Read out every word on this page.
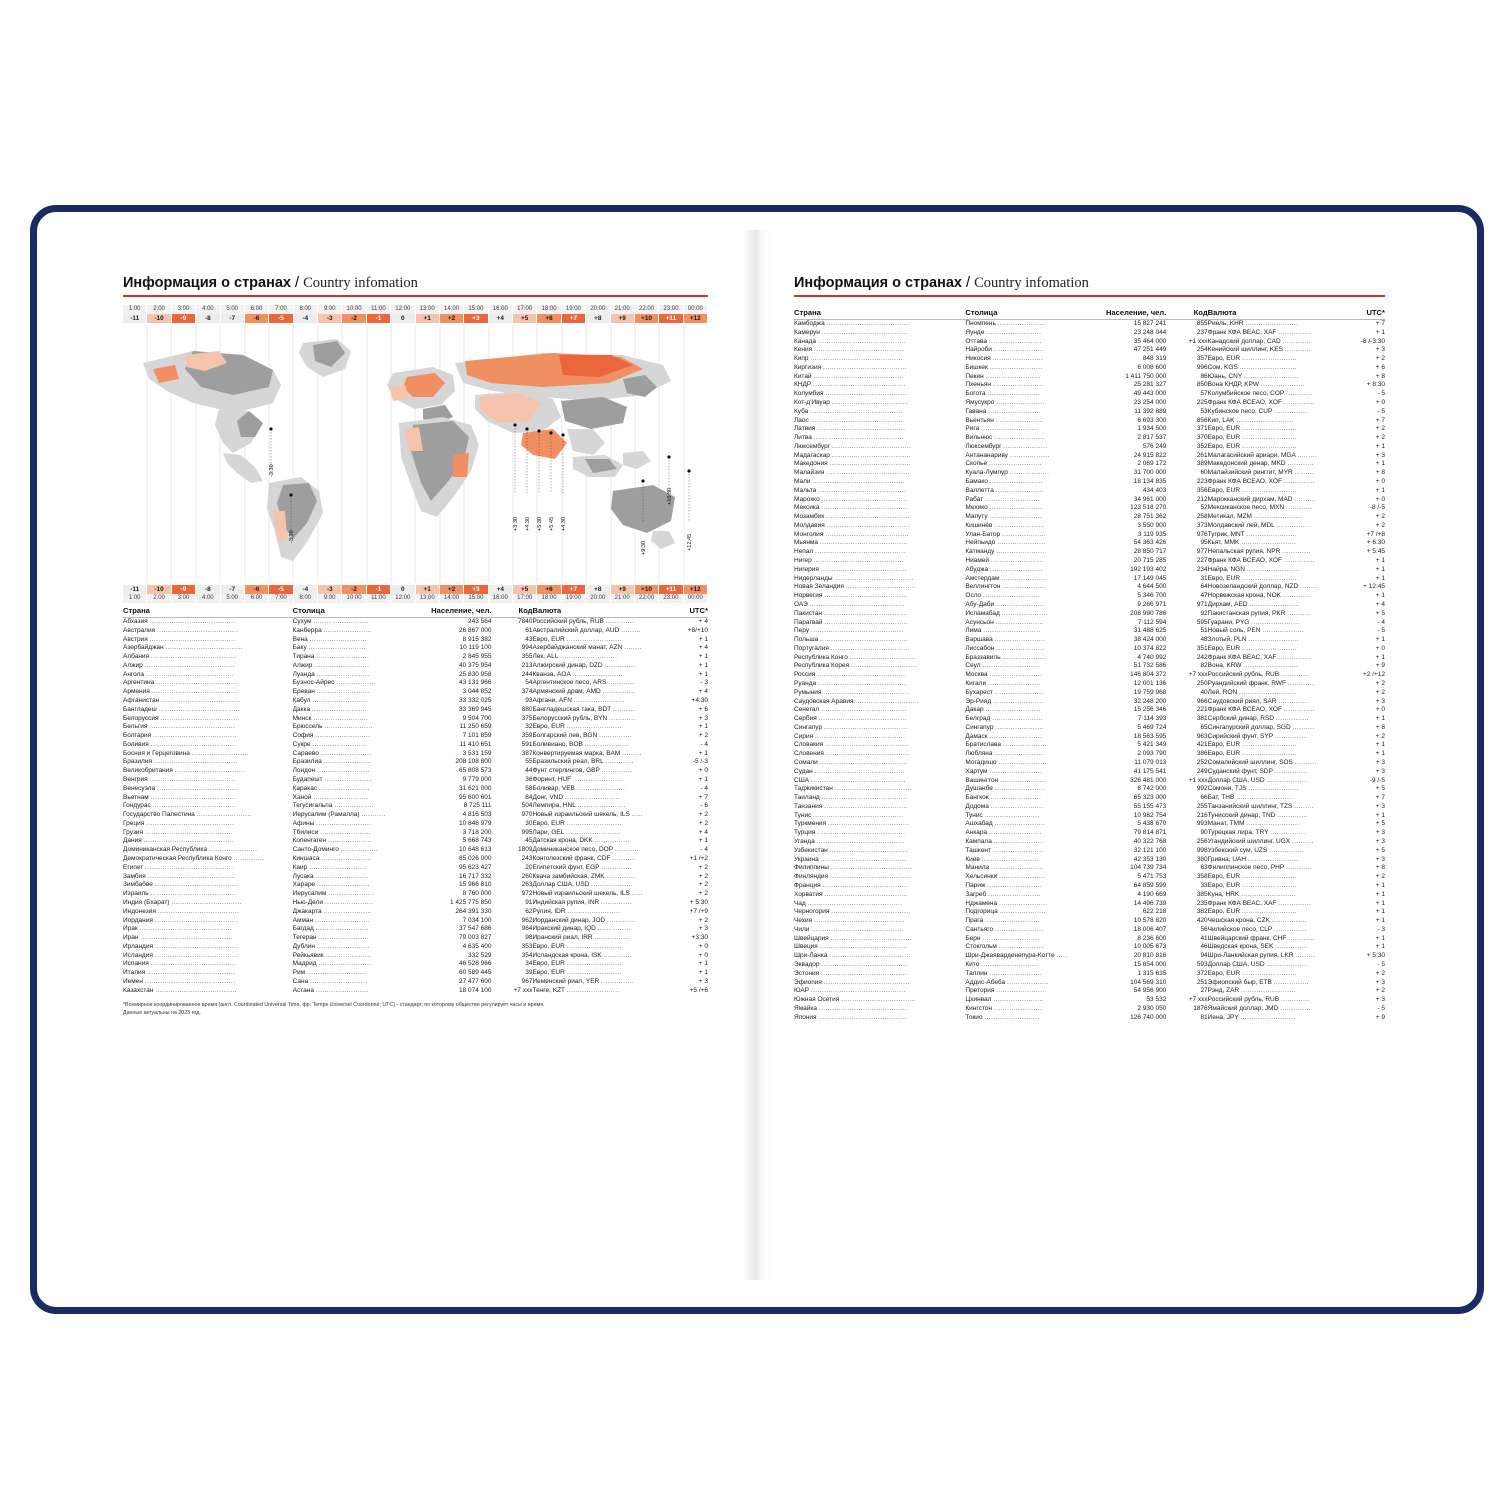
Информация о странах / Country infomation
1:00	2:00	3:00	4:00	5:00	6:00	7:00	8:00	9:00	10:00	11:00	12:00	13:00	14:00	15:00	16:00	17:00	18:00	19:00	20:00	21:00	22:00	23:00	00:00
-11	-10	-9	-8	-7	-6	-5	-4	-3	-2	-1	0	+1	+2	+3	+4	+5	+6	+7	+8	+9	+10	+11	+12
-3:30
-3:30
+3:30 +4:30 +5:30 +5:45 +4:30
+9:30
+10:30
+12:45
-11	-10	-9	-8	-7	-6	-5	-4	-3	-2	-1	0	+1	+2	+3	+4	+5	+6	+7	+8	+9	+10	+11	+12
1:00	2:00	3:00	4:00	5:00	6:00	7:00	8:00	9:00	10:00	11:00	12:00	13:00	14:00	15:00	16:00	17:00	18:00	19:00	20:00	21:00	22:00	23:00	00:00
Страна	Столица	Население, чел.	Код	Валюта	UTC*
Абхазия .......................................	Сухум .........................	243 564	7840	Российский рубль, RUB .............	+ 4
Австралия .....................................	Канберра ......................	26 867 000	61	Австралийский доллар, AUD .........	+8/+10
Австрия .......................................	Вена ..........................	8 915 382	43	Евро, EUR .........................	+ 1
Азербайджан ...................................	Баку ..........................	10 119 100	994	Азербайджанский манат, AZN ........	+ 4
Албания .......................................	Тирана ........................	2 845 955	355	Лек, ALL ..........................	+ 1
Алжир .........................................	Алжир .........................	40 375 954	213	Алжирский динар, DZD ..............	+ 1
Ангола ........................................	Луанда ........................	25 830 958	244	Кванза, AOA .......................	+ 1
Аргентина .....................................	Буэнос-Айрес ..................	43 131 966	54	Аргентинское песо, ARS ............	- 3
Армения .......................................	Ереван ........................	3 044 852	374	Армянский драм, AMD ...............	+ 4
Афганистан ....................................	Кабул .........................	33 332 025	93	Афгани, AFN .......................	+4:30
Бангладеш .....................................	Дакка .........................	33 369 945	880	Бангладешская така, BDT ...........	+ 6
Белоруссия ....................................	Минск .........................	9 504 700	375	Белорусский рубль, BYN ............	+ 3
Бельгия .......................................	Брюссель ......................	11 250 659	32	Евро, EUR .........................	+ 1
Болгария ......................................	София .........................	7 101 859	359	Болгарский лев, BGN ...............	+ 2
Боливия .......................................	Сукре .........................	11 410 651	591	Боливиано, BOB ....................	- 4
Босния и Герцеговина ..........................	Сараево .......................	3 531 159	387	Конвертируемая марка, BAM .........	+ 1
Бразилия ......................................	Бразилиа ......................	208 108 800	55	Бразильский реал, BRL .............	-5 /-3
Великобритания ................................	Лондон ........................	65 808 573	44	Фунт стерлингов, GBP ..............	+ 0
Венгрия .......................................	Будапешт ......................	9 779 000	36	Форинт, HUF .......................	+ 1
Венесуэла .....................................	Каракас .......................	31 621 000	58	Боливар, VEB ......................	- 4
Вьетнам .......................................	Ханой .........................	95 600 601	84	Донг, VND .........................	+ 7
Гондурас ......................................	Тегусигальпа ..................	8 725 111	504	Лемпира, HNL ......................	- 6
Государство Палестина .........................	Иерусалим (Рамалла) ...........	4 816 503	970	Новый израильский шекель, ILS .....	+ 2
Греция ........................................	Афины .........................	10 846 979	30	Евро, EUR .........................	+ 2
Грузия ........................................	Тбилиси .......................	3 718 200	995	Лари, GEL .........................	+ 4
Дания .........................................	Копенгаген ....................	5 668 743	45	Датская крона, DKK ................	+ 1
Доминиканская Республика ......................	Санто-Доминго .................	10 648 613	1809	Доминиканское песо, DOP ...........	- 4
Демократическая Республика Конго ..............	Киншаса .......................	85 026 000	243	Конголезский франк, CDF ...........	+1 /+2
Египет ........................................	Каир ..........................	95 623 427	20	Египетский фунт, EGP ..............	+ 2
Замбия ........................................	Лусака ........................	16 717 332	260	Квача замбийская, ZMK .............	+ 2
Зимбабве ......................................	Хараре ........................	15 966 810	263	Доллар США, USD ...................	+ 2
Израиль .......................................	Иерусалим .....................	8 760 000	972	Новый израильский шекель, ILS .....	+ 2
Индия (Бхарат) ................................	Нью-Дели ......................	1 425 775 850	91	Индийская рупия, INR ..............	+ 5:30
Индонезия .....................................	Джакарта ......................	264 391 330	62	Рупия, IDR ........................	+7 /+9
Иордания ......................................	Амман .........................	7 034 100	962	Иорданский динар, JOD .............	+ 2
Ирак ..........................................	Багдад ........................	37 547 686	964	Иракский динар, IQD ...............	+ 3
Иран ..........................................	Тегеран .......................	79 003 827	98	Иранский риал, IRR ................	+3:30
Ирландия ......................................	Дублин ........................	4 635 400	353	Евро, EUR .........................	+ 0
Исландия ......................................	Рейкьявик .....................	332 529	354	Исландская крона, ISK .............	+ 0
Испания .......................................	Мадрид ........................	46 528 966	34	Евро, EUR .........................	+ 1
Италия ........................................	Рим ...........................	60 589 445	39	Евро, EUR .........................	+ 1
Йемен .........................................	Сана ..........................	27 477 600	967	Йеменский риал, YER ...............	+ 3
Казахстан .....................................	Астана ........................	18 074 100	+7 xxx	Тенге, KZT ........................	+5 /+6
*Всемирное координированное время (англ. Coordinated Universal Time, фр. Temps Universel Coordonné; UTC) - стандарт, по которому общество регулирует часы и время.
Данные актуальны на 2023 год.
Информация о странах / Country infomation
Страна	Столица	Население, чел.	Код	Валюта	UTC*
Камбоджа ......................................	Пномпень ......................	15 827 241	855	Риель, KHR ........................	+ 7
Камерун .......................................	Яунде .........................	23 248 044	237	Франк КФА ВЕАС, XAF ...............	+ 1
Канада ........................................	Оттава ........................	35 464 000	+1 xxx	Канадский доллар, CAD .............	-8 /-3:30
Кения .........................................	Найроби .......................	47 251 449	254	Кенийский шиллинг, KES ............	+ 3
Кипр ..........................................	Никосия .......................	848 319	357	Евро, EUR .........................	+ 2
Киргизия ......................................	Бишкек ........................	6 008 600	996	Сом, KGS ..........................	+ 6
Китай .........................................	Пекин .........................	1 411 750 000	86	Юань, CNY .........................	+ 8
КНДР ..........................................	Пхеньян .......................	25 281 327	850	Вона КНДР, KPW ....................	+ 8:30
Колумбия ......................................	Богота ........................	49 443 000	57	Колумбийское песо, COP ............	- 5
Кот-д'Ивуар ...................................	Ямусукро ......................	23 254 000	225	Франк КФА ВСЕАО, XOF ..............	+ 0
Куба ..........................................	Гавана ........................	11 392 889	53	Кубинское песо, CUP ...............	- 5
Лаос ..........................................	Вьентьян ......................	6 693 300	856	Кип, LAK ..........................	+ 7
Латвия ........................................	Рига ..........................	1 934 500	371	Евро, EUR .........................	+ 2
Литва .........................................	Вильнюс .......................	2 817 537	370	Евро, EUR .........................	+ 2
Люксембург ....................................	Люксембург ....................	576 249	352	Евро, EUR .........................	+ 1
Мадагаскар ....................................	Антананариву ..................	24 915 822	261	Малагасийский ариари, MGA .........	+ 3
Македония .....................................	Скопье ........................	2 069 172	389	Македонский денар, MKD ............	+ 1
Малайзия ......................................	Куала-Лумпур ..................	31 700 000	60	Малайзийский ринггит, MYR .........	+ 8
Мали ..........................................	Бамако ........................	18 134 835	223	Франк КФА ВСЕАО, XOF ..............	+ 0
Мальта ........................................	Валлетта ......................	434 403	356	Евро, EUR .........................	+ 1
Марокко .......................................	Рабат .........................	34 961 000	212	Марокканский дирхам, MAD ..........	+ 0
Мексика .......................................	Мехико ........................	123 518 270	52	Мексиканское песо, MXN ............	-8 /-5
Мозамбик ......................................	Мапуту ........................	28 751 362	258	Метикал, MZM ......................	+ 2
Молдавия ......................................	Кишинёв .......................	3 550 900	373	Молдавский лей, MDL ...............	+ 2
Монголия ......................................	Улан-Батор ....................	3 119 935	976	Тугрик, MNT .......................	+7 /+8
Мьянма ........................................	Нейпьидо ......................	54 363 426	95	Кьят, MMK .........................	+ 6:30
Непал .........................................	Катманду ......................	28 850 717	977	Непальская рупия, NPR .............	+ 5:45
Нигер .........................................	Ниамей ........................	20 715 285	227	Франк КФА ВСЕАО, XOF ..............	+ 1
Нигерия .......................................	Абуджа ........................	192 193 402	234	Найра, NGN ........................	+ 1
Нидерланды ....................................	Амстердам .....................	17 149 045	31	Евро, EUR .........................	+ 1
Новая Зеландия ................................	Веллингтон ....................	4 644 500	64	Новозеландский доллар, NZD ........	+ 12:45
Норвегия ......................................	Осло ..........................	5 346 700	47	Норвежская крона, NOK .............	+ 1
ОАЭ ...........................................	Абу-Даби ......................	9 266 971	971	Дирхам, AED .......................	+ 4
Пакистан ......................................	Исламабад .....................	208 990 786	92	Пакистанская рупия, PKR ...........	+ 5
Парагвай ......................................	Асунсьон ......................	7 112 594	595	Гуарани, PYG ......................	- 4
Перу ..........................................	Лима ..........................	31 488 625	51	Новый соль, PEN ...................	- 5
Польша ........................................	Варшава .......................	38 424 000	48	Злотый, PLN .......................	+ 1
Португалия ....................................	Лиссабон ......................	10 374 822	351	Евро, EUR .........................	+ 0
Республика Конго ..............................	Браззавиль ....................	4 740 992	242	Франк КФА ВЕАС, XAF ...............	+ 1
Республика Корея ..............................	Сеул ..........................	51 732 586	82	Вона, KRW .........................	+ 9
Россия ........................................	Москва ........................	146 804 372	+7 xxx	Российский рубль, RUB .............	+2 /+12
Руанда ........................................	Кигали ........................	12 001 136	250	Руандийский франк, RWF ............	+ 2
Румыния .......................................	Бухарест ......................	19 759 968	40	Лей, RON ..........................	+ 2
Саудовская Аравия .............................	Эр-Рияд .......................	32 248 200	966	Саудовский риял, SAR ..............	+ 3
Сенегал .......................................	Дакар .........................	15 256 346	221	Франк КФА ВСЕАО, XOF ..............	+ 0
Сербия ........................................	Белград .......................	7 114 393	381	Сербский динар, RSD ...............	+ 1
Сингапур ......................................	Сингапур ......................	5 469 724	65	Сингапурский доллар, SGD ..........	+ 8
Сирия .........................................	Дамаск ........................	18 563 595	963	Сирийский фунт, SYP ...............	+ 2
Словакия ......................................	Братислава ....................	5 421 349	421	Евро, EUR .........................	+ 1
Словения ......................................	Любляна .......................	2 093 790	386	Евро, EUR .........................	+ 1
Сомали ........................................	Могадишо ......................	11 079 013	252	Сомалийский шиллинг, SOS ..........	+ 3
Судан .........................................	Хартум ........................	41 175 541	249	Суданский фунт, SDP ...............	+ 3
США ...........................................	Вашингтон .....................	326 481 000	+1 xxx	Доллар США, USD ...................	-9 /-5
Таджикистан ...................................	Душанбе .......................	8 742 000	992	Сомони, TJS .......................	+ 5
Таиланд .......................................	Бангкок .......................	65 323 000	66	Бат, THB ..........................	+ 7
Танзания ......................................	Додома ........................	55 155 473	255	Танзанийский шиллинг, TZS .........	+ 3
Тунис .........................................	Тунис .........................	10 982 754	216	Тунисский динар, TND ..............	+ 1
Туркмения .....................................	Ашхабад .......................	5 438 670	993	Манат, TMM ........................	+ 5
Турция ........................................	Анкара ........................	79 814 871	90	Турецкая лира, TRY ................	+ 3
Уганда ........................................	Кампала .......................	40 322 768	256	Угандийский шиллинг, UGX ..........	+ 3
Узбекистан ....................................	Ташкент .......................	32 121 100	998	Узбекский сум, UZS ................	+ 5
Украина .......................................	Киев ..........................	42 353 130	380	Гривна, UAH .......................	+ 3
Филиппины .....................................	Манила ........................	104 739 734	63	Филиппинское песо, PHP ............	+ 8
Финляндия .....................................	Хельсинки .....................	5 471 753	358	Евро, EUR .........................	+ 2
Франция .......................................	Париж .........................	64 859 599	33	Евро, EUR .........................	+ 1
Хорватия ......................................	Загреб ........................	4 190 669	385	Куна, HRK .........................	+ 1
Чад ...........................................	Нджамена ......................	14 496 739	235	Франк КФА ВЕАС, XAF ...............	+ 1
Черногория ....................................	Подгорица .....................	622 218	382	Евро, EUR .........................	+ 1
Чехия .........................................	Прага .........................	10 578 820	420	Чешская крона, CZK ................	+ 1
Чили ..........................................	Сантьяго ......................	18 006 407	56	Чилийское песо, CLP ...............	- 3
Швейцария .....................................	Берн ..........................	8 236 600	41	Швейцарский франк, CHF ............	+ 1
Швеция ........................................	Стокгольм .....................	10 005 673	46	Шведская крона, SEK ...............	+ 1
Шри-Ланка .....................................	Шри-Джаяварденепура-Котте .....	20 810 816	94	Шри-Ланкийская рупия, LKR .........	+ 5:30
Эквадор .......................................	Кито ..........................	15 654 000	593	Доллар США, USD ...................	- 5
Эстония .......................................	Таллин ........................	1 315 635	372	Евро, EUR .........................	+ 2
Эфиопия .......................................	Аддис-Абеба ...................	104 569 310	251	Эфиопский быр, ETB ................	+ 3
ЮАР ...........................................	Претория ......................	54 956 900	27	Рэнд, ZAR .........................	+ 2
Южная Осетия ..................................	Цхинвал .......................	53 532	+7 xxx	Российский рубль, RUB .............	+ 3
Ямайка ........................................	Кингстон ......................	2 930 050	1876	Ямайский доллар, JMD ..............	- 5
Япония ........................................	Токио .........................	126 740 000	81	Иена, JPY .........................	+ 9
